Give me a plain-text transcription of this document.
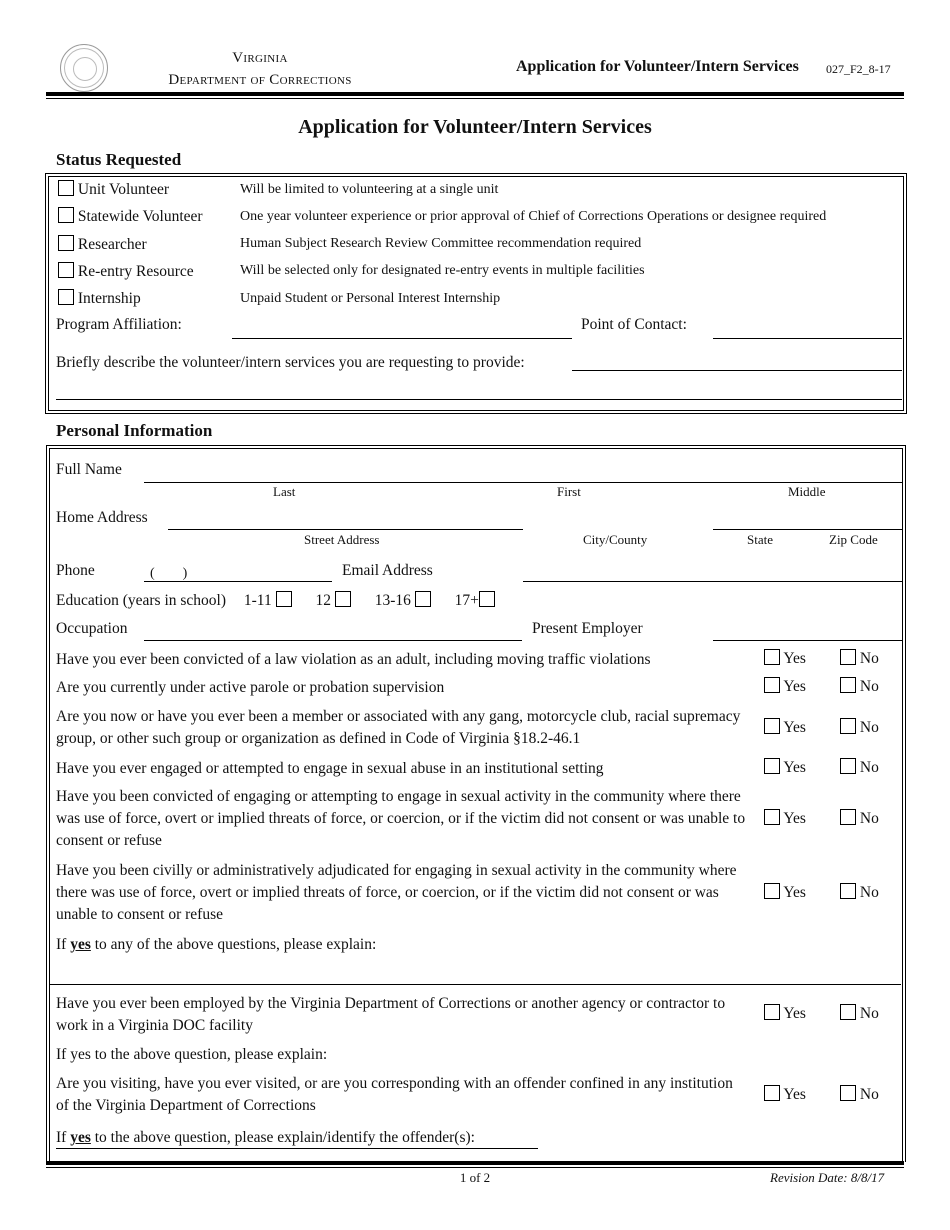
Virginia
Department of Corrections
Application for Volunteer/Intern Services 027_F2_8-17
Application for Volunteer/Intern Services
Status Requested
Unit Volunteer	Will be limited to volunteering at a single unit
Statewide Volunteer	One year volunteer experience or prior approval of Chief of Corrections Operations or designee required
Researcher	Human Subject Research Review Committee recommendation required
Re-entry Resource	Will be selected only for designated re-entry events in multiple facilities
Internship	Unpaid Student or Personal Interest Internship
Program Affiliation:	Point of Contact:
Briefly describe the volunteer/intern services you are requesting to provide:
Personal Information
Full Name
Last	First	Middle
Home Address
Street Address	City/County	State	Zip Code
Phone	(        )	Email Address
Education (years in school) 1-11	12	13-16	17+
Occupation	Present Employer
Have you ever been convicted of a law violation as an adult, including moving traffic violations	Yes	No
Are you currently under active parole or probation supervision	Yes	No
Are you now or have you ever been a member or associated with any gang, motorcycle club, racial supremacy group, or other such group or organization as defined in Code of Virginia §18.2-46.1
Yes	No
Have you ever engaged or attempted to engage in sexual abuse in an institutional setting	Yes	No
Have you been convicted of engaging or attempting to engage in sexual activity in the community where there was use of force, overt or implied threats of force, or coercion, or if the victim did not consent or was unable to consent or refuse
Yes	No
Have you been civilly or administratively adjudicated for engaging in sexual activity in the community where there was use of force, overt or implied threats of force, or coercion, or if the victim did not consent or was unable to consent or refuse
Yes	No
If yes to any of the above questions, please explain:
Have you ever been employed by the Virginia Department of Corrections or another agency or contractor to work in a Virginia DOC facility
Yes	No
If yes to the above question, please explain:
Are you visiting, have you ever visited, or are you corresponding with an offender confined in any institution of the Virginia Department of Corrections
Yes	No
If yes to the above question, please explain/identify the offender(s):
1 of 2	Revision Date: 8/8/17
